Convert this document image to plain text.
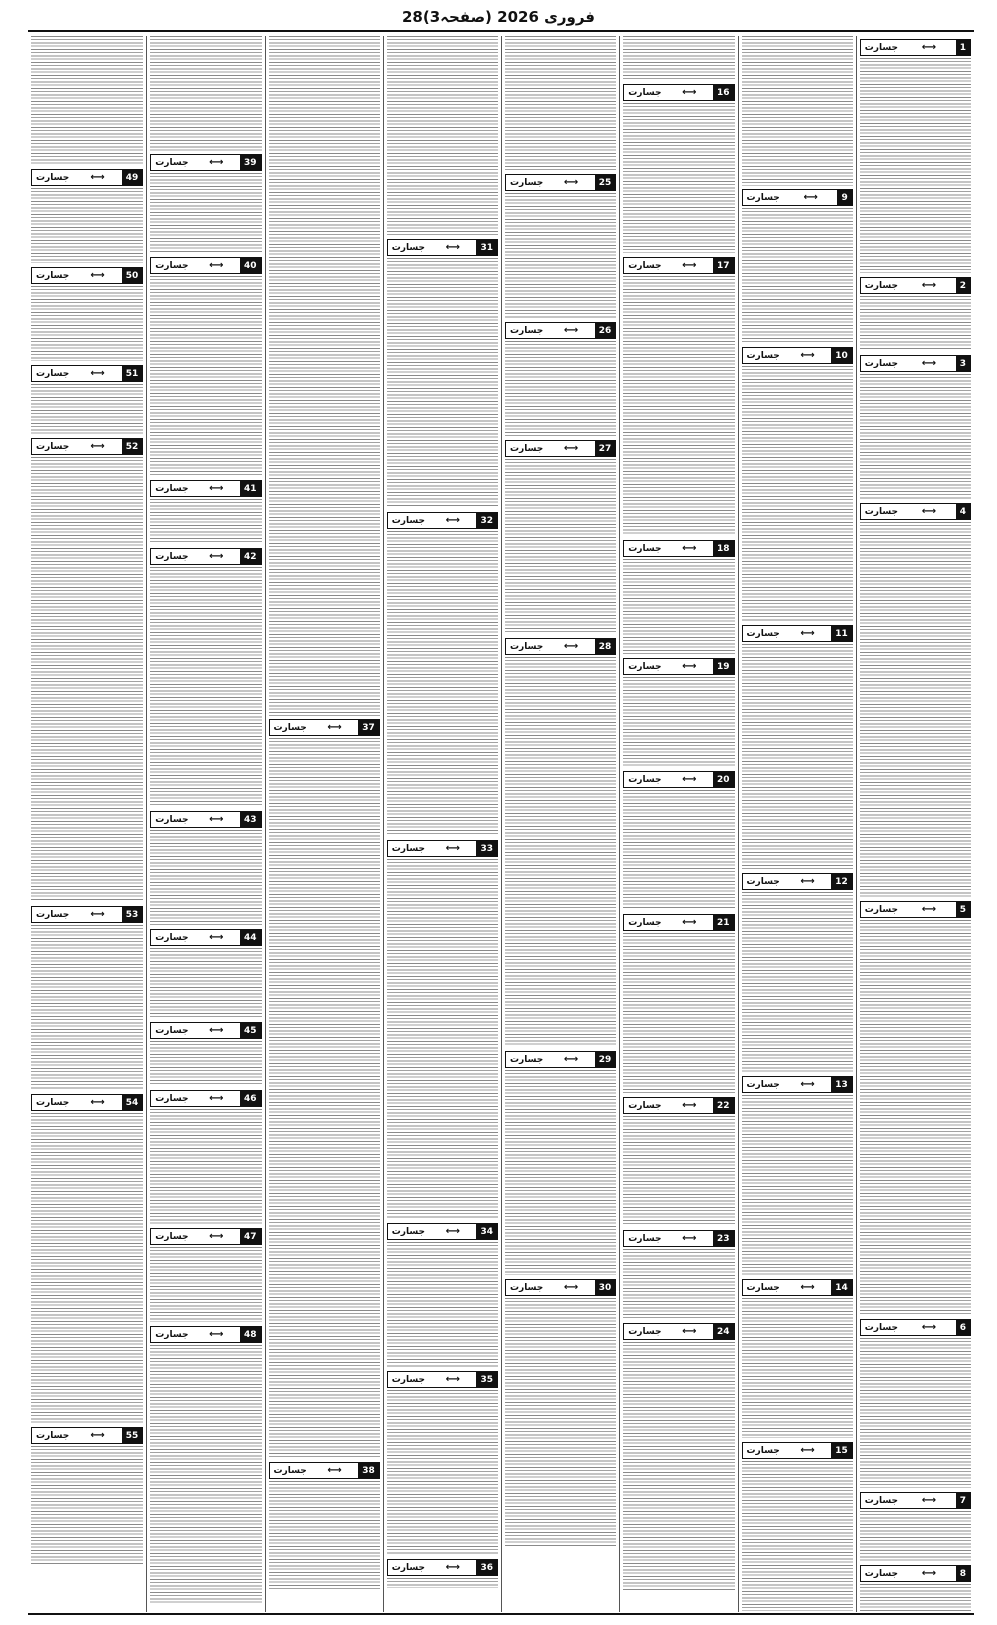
28فروری 2026 (صفحہ3)
جسارت	⟷	1
جسارت	⟷	2
جسارت	⟷	3
جسارت	⟷	4
جسارت	⟷	5
جسارت	⟷	6
جسارت	⟷	7
جسارت	⟷	8
جسارت	⟷	9
جسارت	⟷	10
جسارت	⟷	11
جسارت	⟷	12
جسارت	⟷	13
جسارت	⟷	14
جسارت	⟷	15
جسارت	⟷	16
جسارت	⟷	17
جسارت	⟷	18
جسارت	⟷	19
جسارت	⟷	20
جسارت	⟷	21
جسارت	⟷	22
جسارت	⟷	23
جسارت	⟷	24
جسارت	⟷	25
جسارت	⟷	26
جسارت	⟷	27
جسارت	⟷	28
جسارت	⟷	29
جسارت	⟷	30
جسارت	⟷	31
جسارت	⟷	32
جسارت	⟷	33
جسارت	⟷	34
جسارت	⟷	35
جسارت	⟷	36
جسارت	⟷	37
جسارت	⟷	38
جسارت	⟷	39
جسارت	⟷	40
جسارت	⟷	41
جسارت	⟷	42
جسارت	⟷	43
جسارت	⟷	44
جسارت	⟷	45
جسارت	⟷	46
جسارت	⟷	47
جسارت	⟷	48
جسارت	⟷	49
جسارت	⟷	50
جسارت	⟷	51
جسارت	⟷	52
جسارت	⟷	53
جسارت	⟷	54
جسارت	⟷	55
